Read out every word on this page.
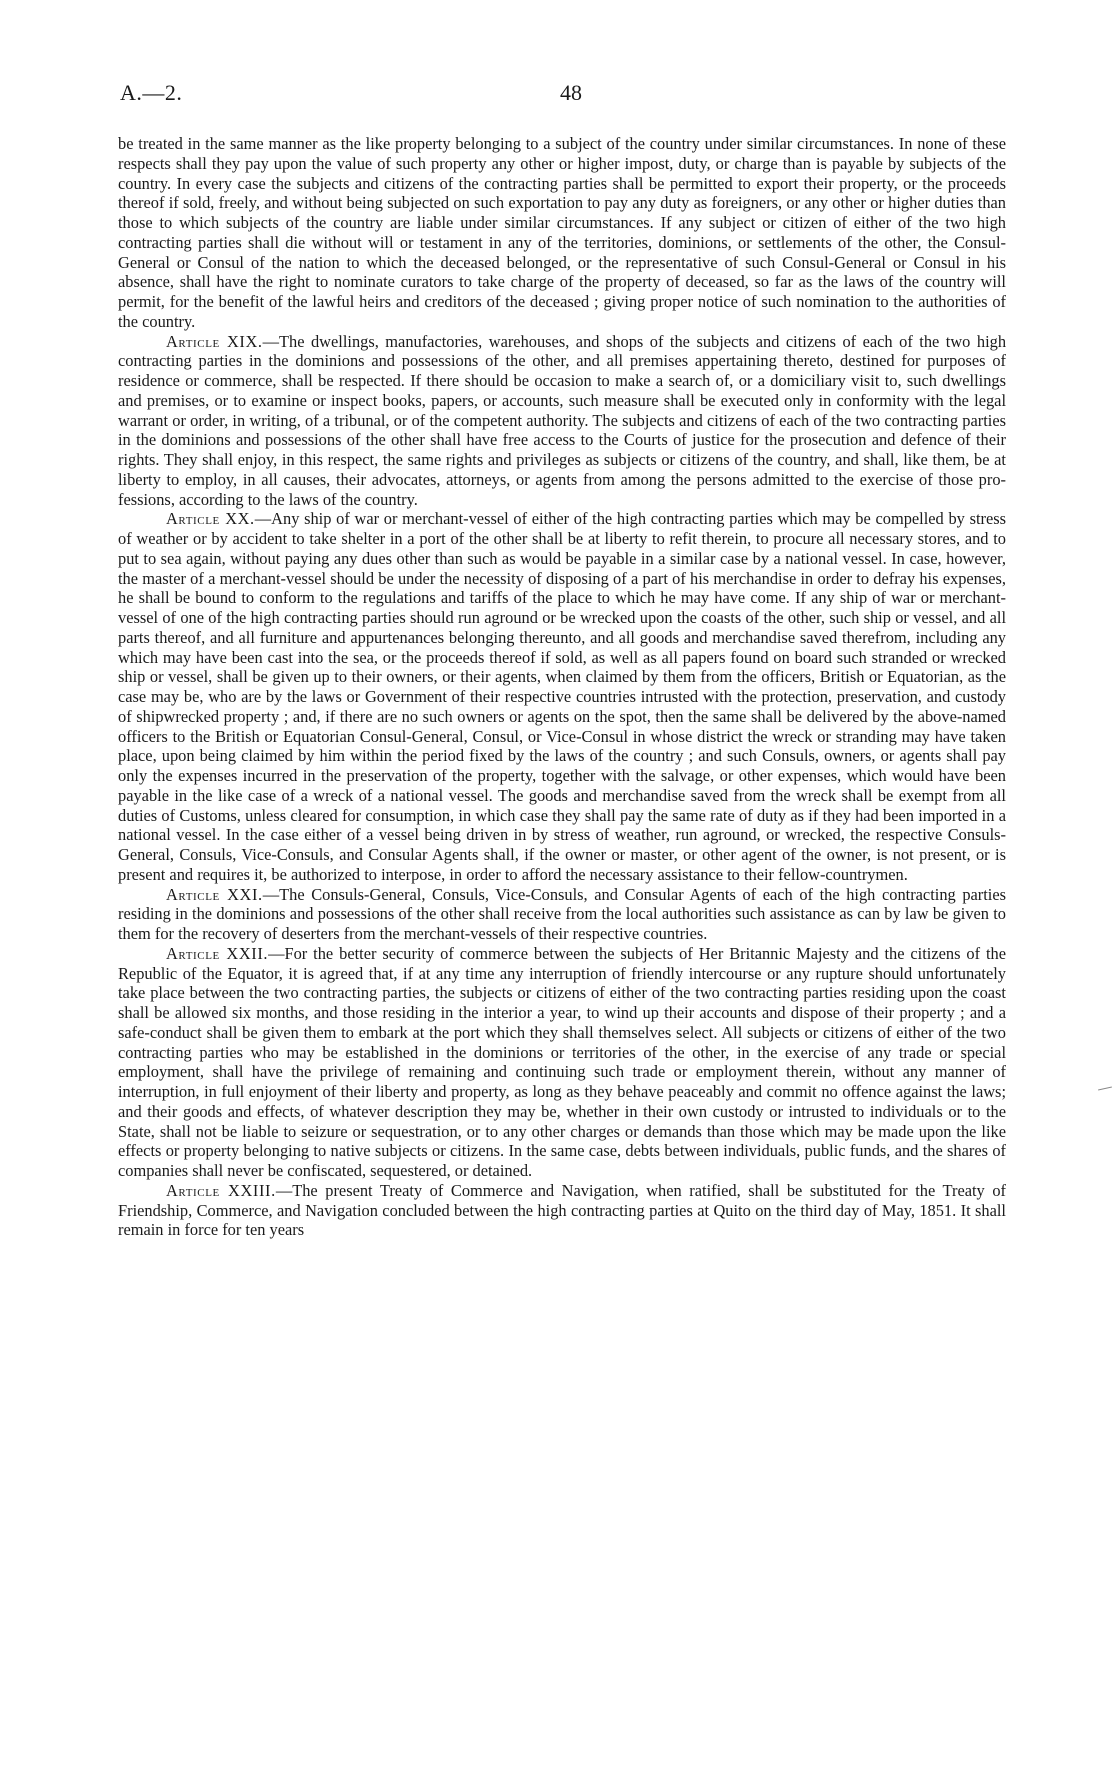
A.—2.	48

be treated in the same manner as the like property belonging to a subject of the country under similar circumstances. In none of these respects shall they pay upon the value of such property any other or higher impost, duty, or charge than is payable by subjects of the country. In every case the subjects and citizens of the contracting parties shall be permitted to export their property, or the proceeds thereof if sold, freely, and without being subjected on such exportation to pay any duty as foreigners, or any other or higher duties than those to which subjects of the country are liable under similar circumstances. If any subject or citizen of either of the two high contracting parties shall die without will or testament in any of the territories, dominions, or settlements of the other, the Consul-General or Consul of the nation to which the deceased belonged, or the representative of such Consul-General or Consul in his absence, shall have the right to nominate curators to take charge of the property of deceased, so far as the laws of the country will permit, for the benefit of the lawful heirs and creditors of the deceased ; giving proper notice of such nomination to the authorities of the country.

Article XIX.—The dwellings, manufactories, warehouses, and shops of the subjects and citizens of each of the two high contracting parties in the dominions and possessions of the other, and all premises appertaining thereto, destined for purposes of residence or commerce, shall be respected. If there should be occasion to make a search of, or a domiciliary visit to, such dwellings and premises, or to examine or inspect books, papers, or accounts, such measure shall be executed only in conformity with the legal warrant or order, in writing, of a tribunal, or of the competent authority. The subjects and citizens of each of the two contracting parties in the dominions and possessions of the other shall have free access to the Courts of justice for the prosecution and defence of their rights. They shall enjoy, in this respect, the same rights and privileges as subjects or citizens of the country, and shall, like them, be at liberty to employ, in all causes, their advocates, attorneys, or agents from among the persons admitted to the exercise of those professions, according to the laws of the country.

Article XX.—Any ship of war or merchant-vessel of either of the high contracting parties which may be compelled by stress of weather or by accident to take shelter in a port of the other shall be at liberty to refit therein, to procure all necessary stores, and to put to sea again, without paying any dues other than such as would be payable in a similar case by a national vessel. In case, however, the master of a merchant-vessel should be under the necessity of disposing of a part of his merchandise in order to defray his expenses, he shall be bound to conform to the regulations and tariffs of the place to which he may have come. If any ship of war or merchant-vessel of one of the high contracting parties should run aground or be wrecked upon the coasts of the other, such ship or vessel, and all parts thereof, and all furniture and appurtenances belonging thereunto, and all goods and merchandise saved therefrom, including any which may have been cast into the sea, or the proceeds thereof if sold, as well as all papers found on board such stranded or wrecked ship or vessel, shall be given up to their owners, or their agents, when claimed by them from the officers, British or Equatorian, as the case may be, who are by the laws or Government of their respective countries intrusted with the protection, preservation, and custody of shipwrecked property ; and, if there are no such owners or agents on the spot, then the same shall be delivered by the above-named officers to the British or Equatorian Consul-General, Consul, or Vice-Consul in whose district the wreck or stranding may have taken place, upon being claimed by him within the period fixed by the laws of the country ; and such Consuls, owners, or agents shall pay only the expenses incurred in the preservation of the property, together with the salvage, or other expenses, which would have been payable in the like case of a wreck of a national vessel. The goods and merchandise saved from the wreck shall be exempt from all duties of Customs, unless cleared for consumption, in which case they shall pay the same rate of duty as if they had been imported in a national vessel. In the case either of a vessel being driven in by stress of weather, run aground, or wrecked, the respective Consuls-General, Consuls, Vice-Consuls, and Consular Agents shall, if the owner or master, or other agent of the owner, is not present, or is present and requires it, be authorized to interpose, in order to afford the necessary assistance to their fellow-countrymen.

Article XXI.—The Consuls-General, Consuls, Vice-Consuls, and Consular Agents of each of the high contracting parties residing in the dominions and possessions of the other shall receive from the local authorities such assistance as can by law be given to them for the recovery of deserters from the merchant-vessels of their respective countries.

Article XXII.—For the better security of commerce between the subjects of Her Britannic Majesty and the citizens of the Republic of the Equator, it is agreed that, if at any time any interruption of friendly intercourse or any rupture should unfortunately take place between the two contracting parties, the subjects or citizens of either of the two contracting parties residing upon the coast shall be allowed six months, and those residing in the interior a year, to wind up their accounts and dispose of their property ; and a safe-conduct shall be given them to embark at the port which they shall themselves select. All subjects or citizens of either of the two contracting parties who may be established in the dominions or territories of the other, in the exercise of any trade or special employment, shall have the privilege of remaining and continuing such trade or employment therein, without any manner of interruption, in full enjoyment of their liberty and property, as long as they behave peaceably and commit no offence against the laws; and their goods and effects, of whatever description they may be, whether in their own custody or intrusted to individuals or to the State, shall not be liable to seizure or sequestration, or to any other charges or demands than those which may be made upon the like effects or property belonging to native subjects or citizens. In the same case, debts between individuals, public funds, and the shares of companies shall never be confiscated, sequestered, or detained.

Article XXIII.—The present Treaty of Commerce and Navigation, when ratified, shall be substituted for the Treaty of Friendship, Commerce, and Navigation concluded between the high contracting parties at Quito on the third day of May, 1851. It shall remain in force for ten years
